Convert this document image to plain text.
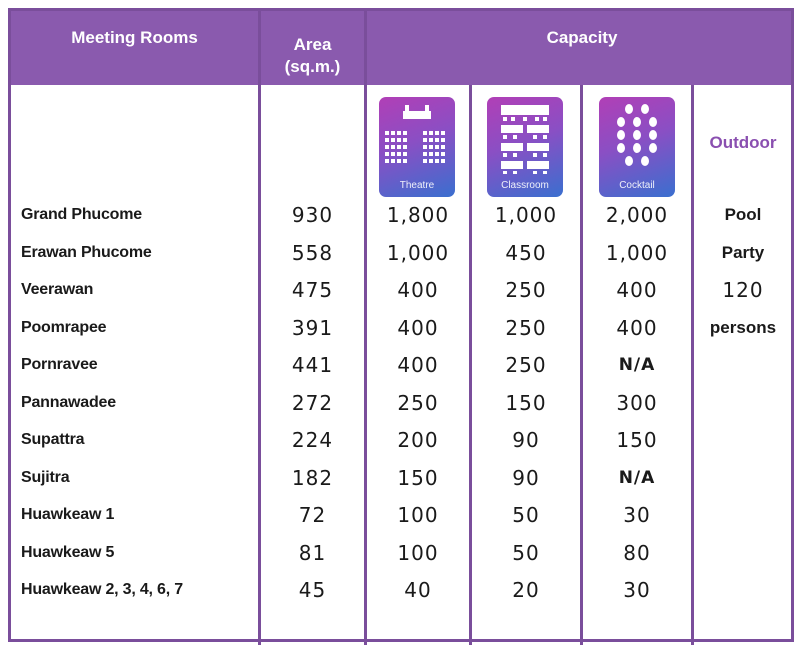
Meeting Rooms	Area
(sq.m.)
Capacity
Theatre	Classroom	Cocktail
Outdoor
Grand Phucome	930	1,800	1,000	2,000
Erawan Phucome	558	1,000	450	1,000
Veerawan	475	400	250	400
Poomrapee	391	400	250	400
Pornravee	441	400	250	N/A
Pannawadee	272	250	150	300
Supattra	224	200	90	150
Sujitra	182	150	90	N/A
Huawkeaw 1	72	100	50	30
Huawkeaw 5	81	100	50	80
Huawkeaw 2, 3, 4, 6, 7	45	40	20	30
Pool
Party
120
persons
